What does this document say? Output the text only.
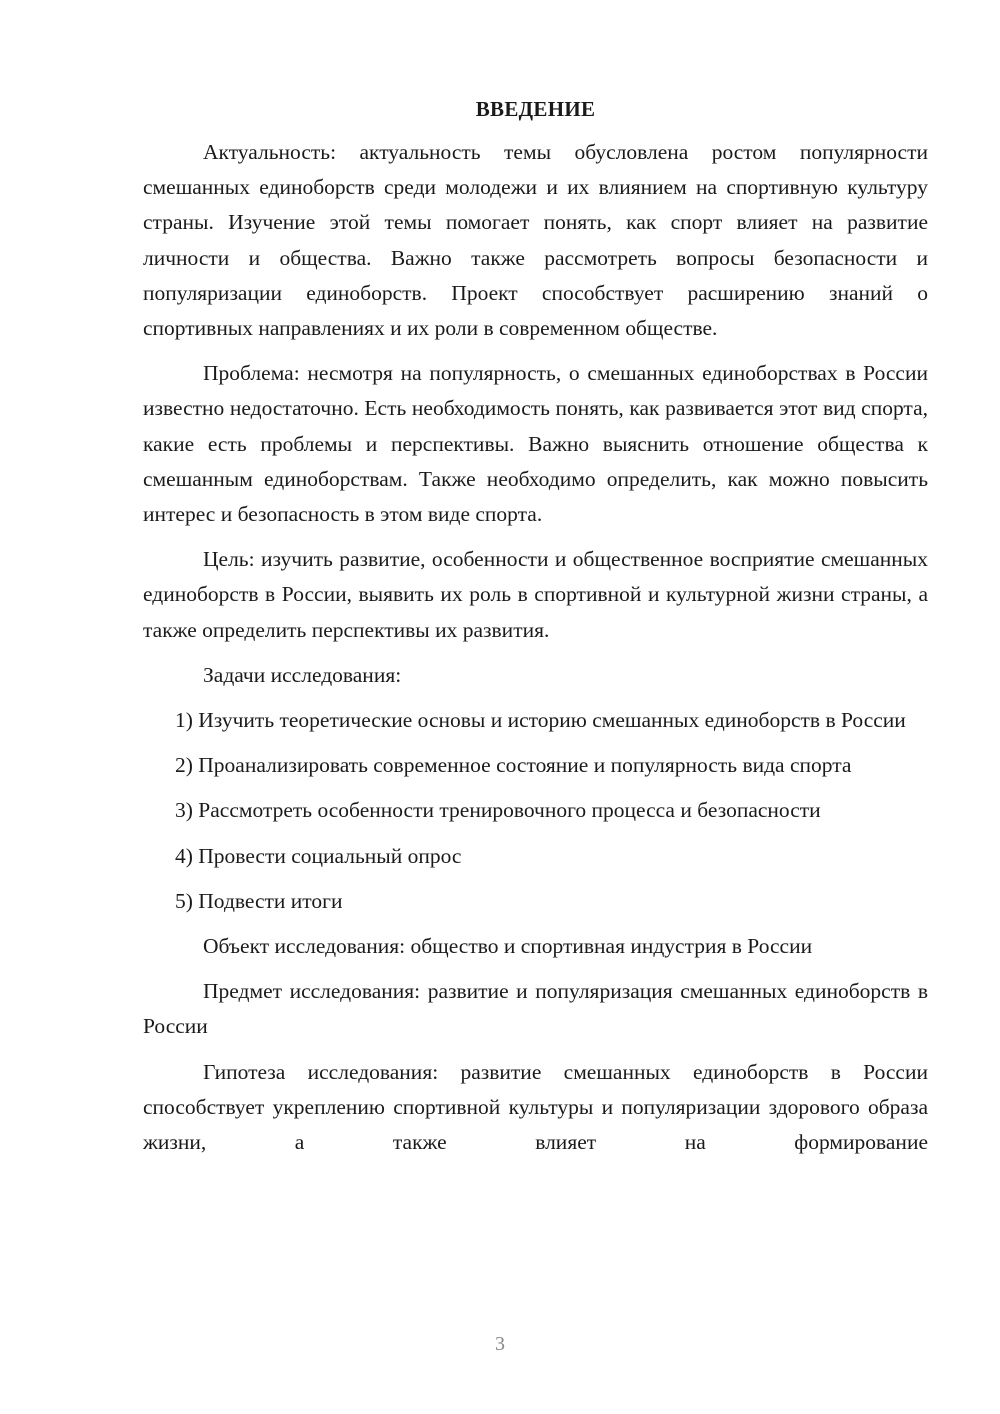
ВВЕДЕНИЕ

Актуальность: актуальность темы обусловлена ростом популярности смешанных единоборств среди молодежи и их влиянием на спортивную культуру страны. Изучение этой темы помогает понять, как спорт влияет на развитие личности и общества. Важно также рассмотреть вопросы безопасности и популяризации единоборств. Проект способствует расширению знаний о спортивных направлениях и их роли в современном обществе.

Проблема: несмотря на популярность, о смешанных единоборствах в России известно недостаточно. Есть необходимость понять, как развивается этот вид спорта, какие есть проблемы и перспективы. Важно выяснить отношение общества к смешанным единоборствам. Также необходимо определить, как можно повысить интерес и безопасность в этом виде спорта.

Цель: изучить развитие, особенности и общественное восприятие смешанных единоборств в России, выявить их роль в спортивной и культурной жизни страны, а также определить перспективы их развития.

Задачи исследования:

1) Изучить теоретические основы и историю смешанных единоборств в России

2) Проанализировать современное состояние и популярность вида спорта

3) Рассмотреть особенности тренировочного процесса и безопасности

4) Провести социальный опрос

5) Подвести итоги

Объект исследования: общество и спортивная индустрия в России

Предмет исследования: развитие и популяризация смешанных единоборств в России

Гипотеза исследования: развитие смешанных единоборств в России способствует укреплению спортивной культуры и популяризации здорового образа жизни, а также влияет на формирование

3
